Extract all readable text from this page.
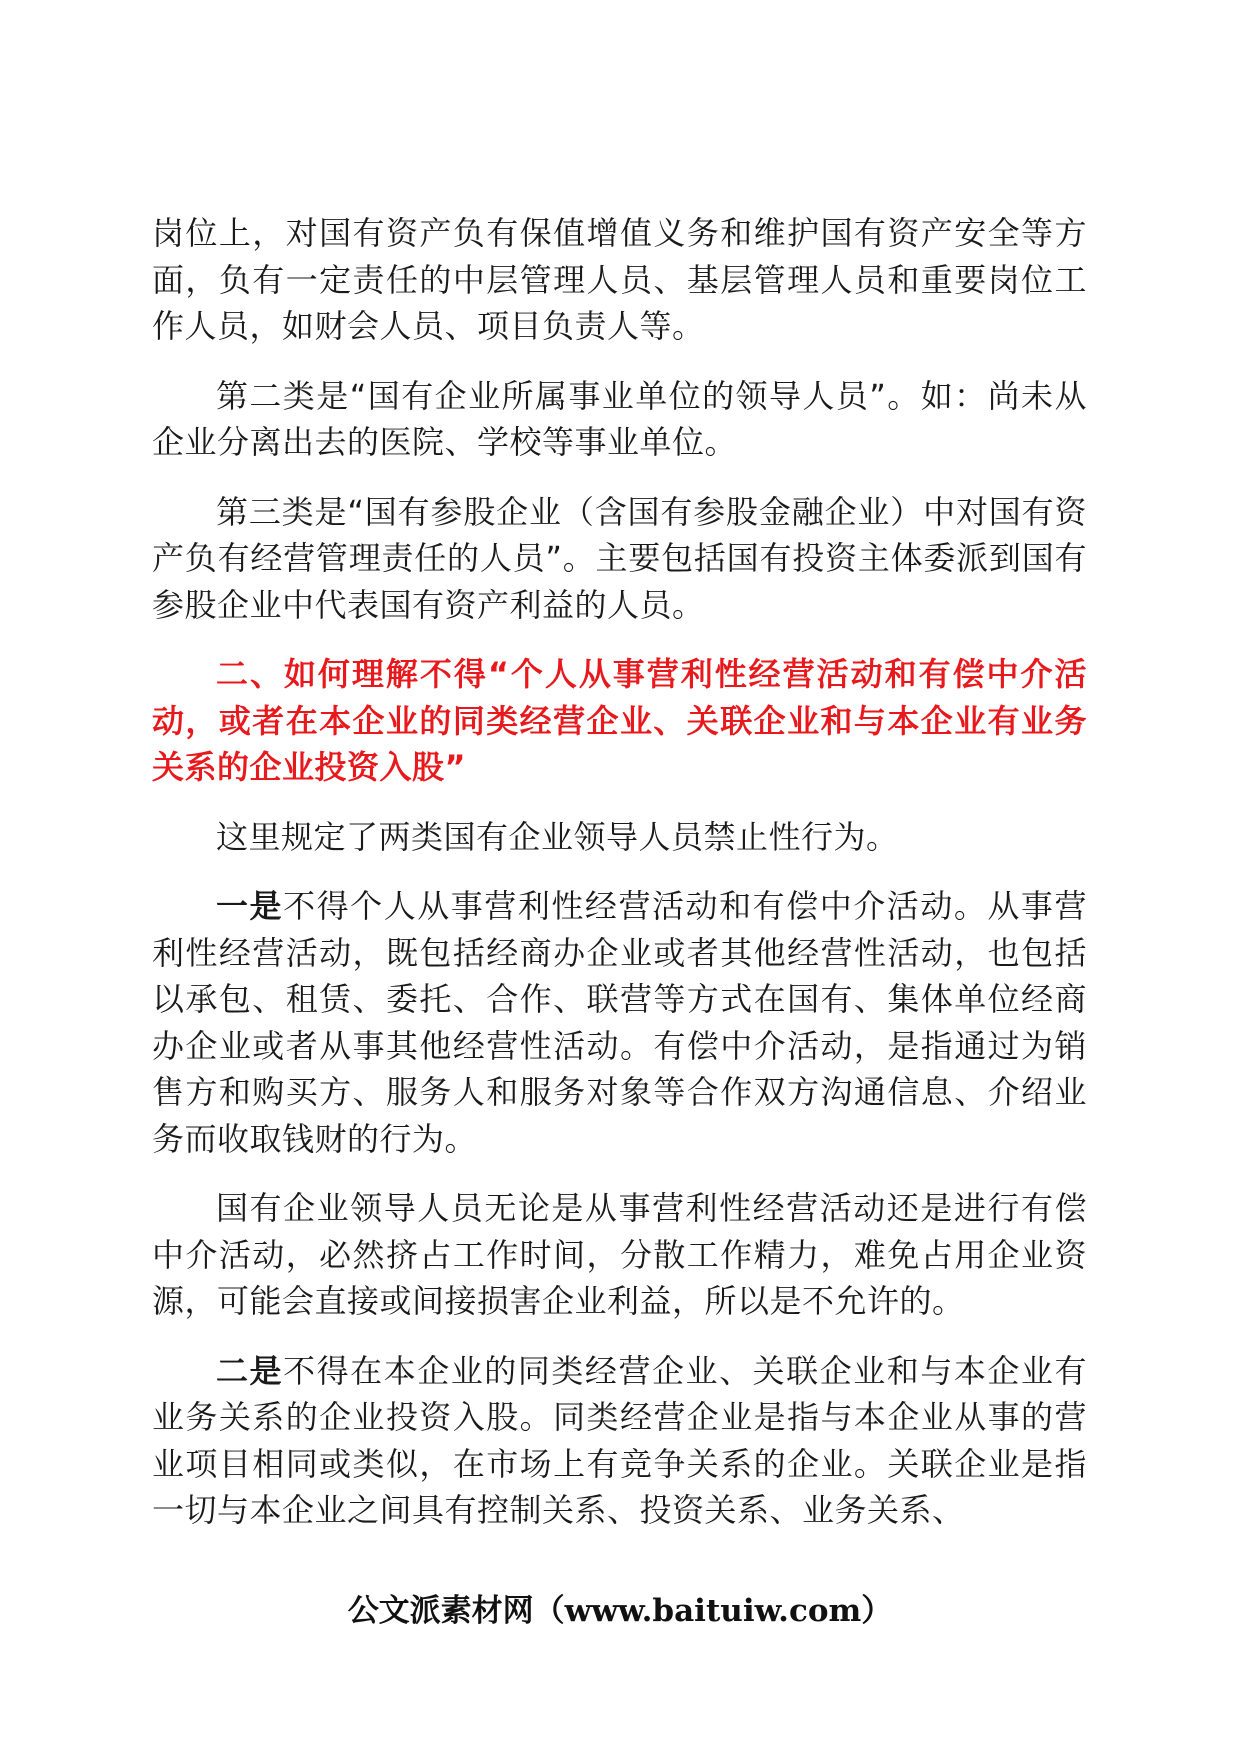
岗位上，对国有资产负有保值增值义务和维护国有资产安全等方面，负有一定责任的中层管理人员、基层管理人员和重要岗位工作人员，如财会人员、项目负责人等。

第二类是“国有企业所属事业单位的领导人员”。如：尚未从企业分离出去的医院、学校等事业单位。

第三类是“国有参股企业（含国有参股金融企业）中对国有资产负有经营管理责任的人员”。主要包括国有投资主体委派到国有参股企业中代表国有资产利益的人员。

二、如何理解不得“个人从事营利性经营活动和有偿中介活动，或者在本企业的同类经营企业、关联企业和与本企业有业务关系的企业投资入股”

这里规定了两类国有企业领导人员禁止性行为。

一是不得个人从事营利性经营活动和有偿中介活动。从事营利性经营活动，既包括经商办企业或者其他经营性活动，也包括以承包、租赁、委托、合作、联营等方式在国有、集体单位经商办企业或者从事其他经营性活动。有偿中介活动，是指通过为销售方和购买方、服务人和服务对象等合作双方沟通信息、介绍业务而收取钱财的行为。

国有企业领导人员无论是从事营利性经营活动还是进行有偿中介活动，必然挤占工作时间，分散工作精力，难免占用企业资源，可能会直接或间接损害企业利益，所以是不允许的。

二是不得在本企业的同类经营企业、关联企业和与本企业有业务关系的企业投资入股。同类经营企业是指与本企业从事的营业项目相同或类似，在市场上有竞争关系的企业。关联企业是指一切与本企业之间具有控制关系、投资关系、业务关系、

公文派素材网（www.baituiw.com）
